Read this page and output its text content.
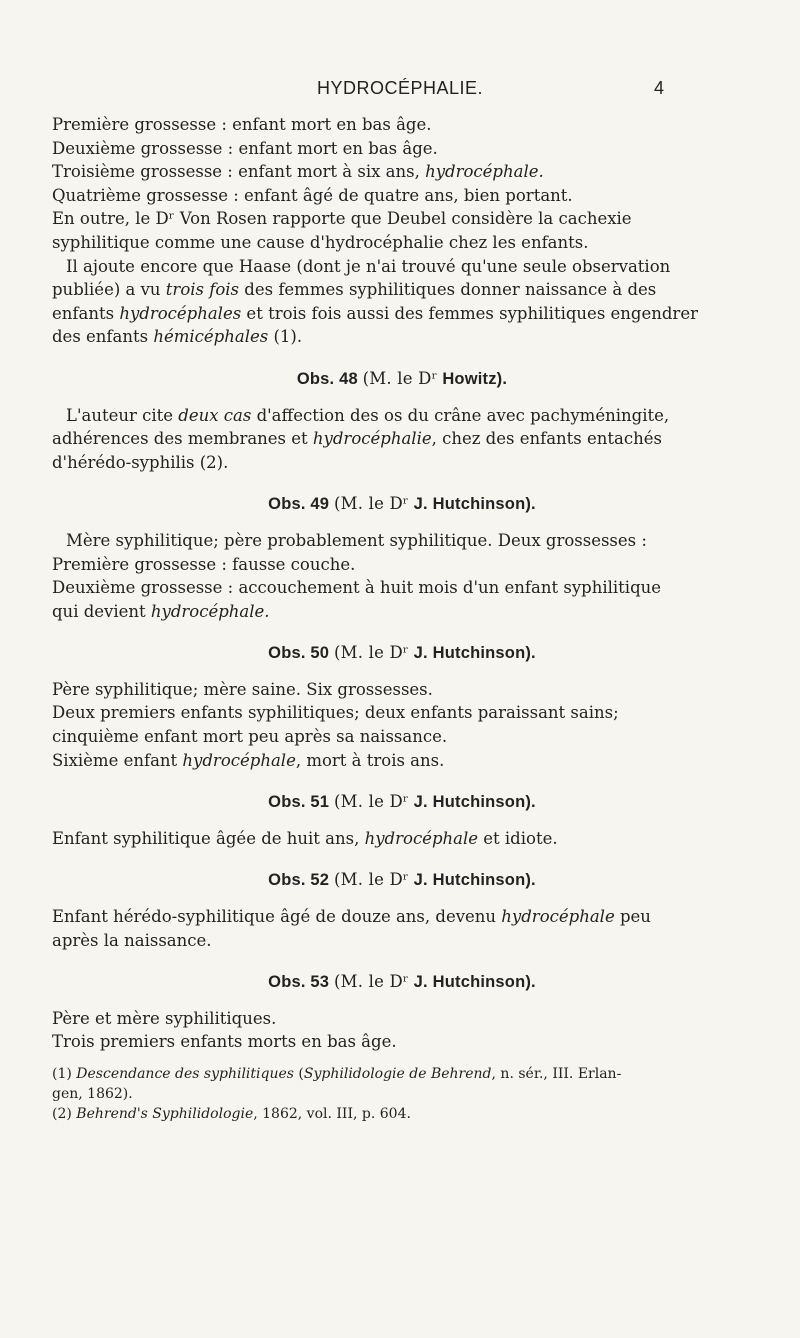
HYDROCÉPHALIE.	4
Première grossesse : enfant mort en bas âge.
Deuxième grossesse : enfant mort en bas âge.
Troisième grossesse : enfant mort à six ans, hydrocéphale.
Quatrième grossesse : enfant âgé de quatre ans, bien portant.
En outre, le Dʳ Von Rosen rapporte que Deubel considère la cachexie
syphilitique comme une cause d'hydrocéphalie chez les enfants.
Il ajoute encore que Haase (dont je n'ai trouvé qu'une seule observation
publiée) a vu trois fois des femmes syphilitiques donner naissance à des
enfants hydrocéphales et trois fois aussi des femmes syphilitiques engendrer
des enfants hémicéphales (1).
Obs. 48 (M. le Dʳ Howitz).
L'auteur cite deux cas d'affection des os du crâne avec pachyméningite,
adhérences des membranes et hydrocéphalie, chez des enfants entachés
d'hérédo-syphilis (2).
Obs. 49 (M. le Dʳ J. Hutchinson).
Mère syphilitique; père probablement syphilitique. Deux grossesses :
Première grossesse : fausse couche.
Deuxième grossesse : accouchement à huit mois d'un enfant syphilitique
qui devient hydrocéphale.
Obs. 50 (M. le Dʳ J. Hutchinson).
Père syphilitique; mère saine. Six grossesses.
Deux premiers enfants syphilitiques; deux enfants paraissant sains;
cinquième enfant mort peu après sa naissance.
Sixième enfant hydrocéphale, mort à trois ans.
Obs. 51 (M. le Dʳ J. Hutchinson).
Enfant syphilitique âgée de huit ans, hydrocéphale et idiote.
Obs. 52 (M. le Dʳ J. Hutchinson).
Enfant hérédo-syphilitique âgé de douze ans, devenu hydrocéphale peu
après la naissance.
Obs. 53 (M. le Dʳ J. Hutchinson).
Père et mère syphilitiques.
Trois premiers enfants morts en bas âge.
(1) Descendance des syphilitiques (Syphilidologie de Behrend, n. sér., III. Erlan-
gen, 1862).
(2) Behrend's Syphilidologie, 1862, vol. III, p. 604.
